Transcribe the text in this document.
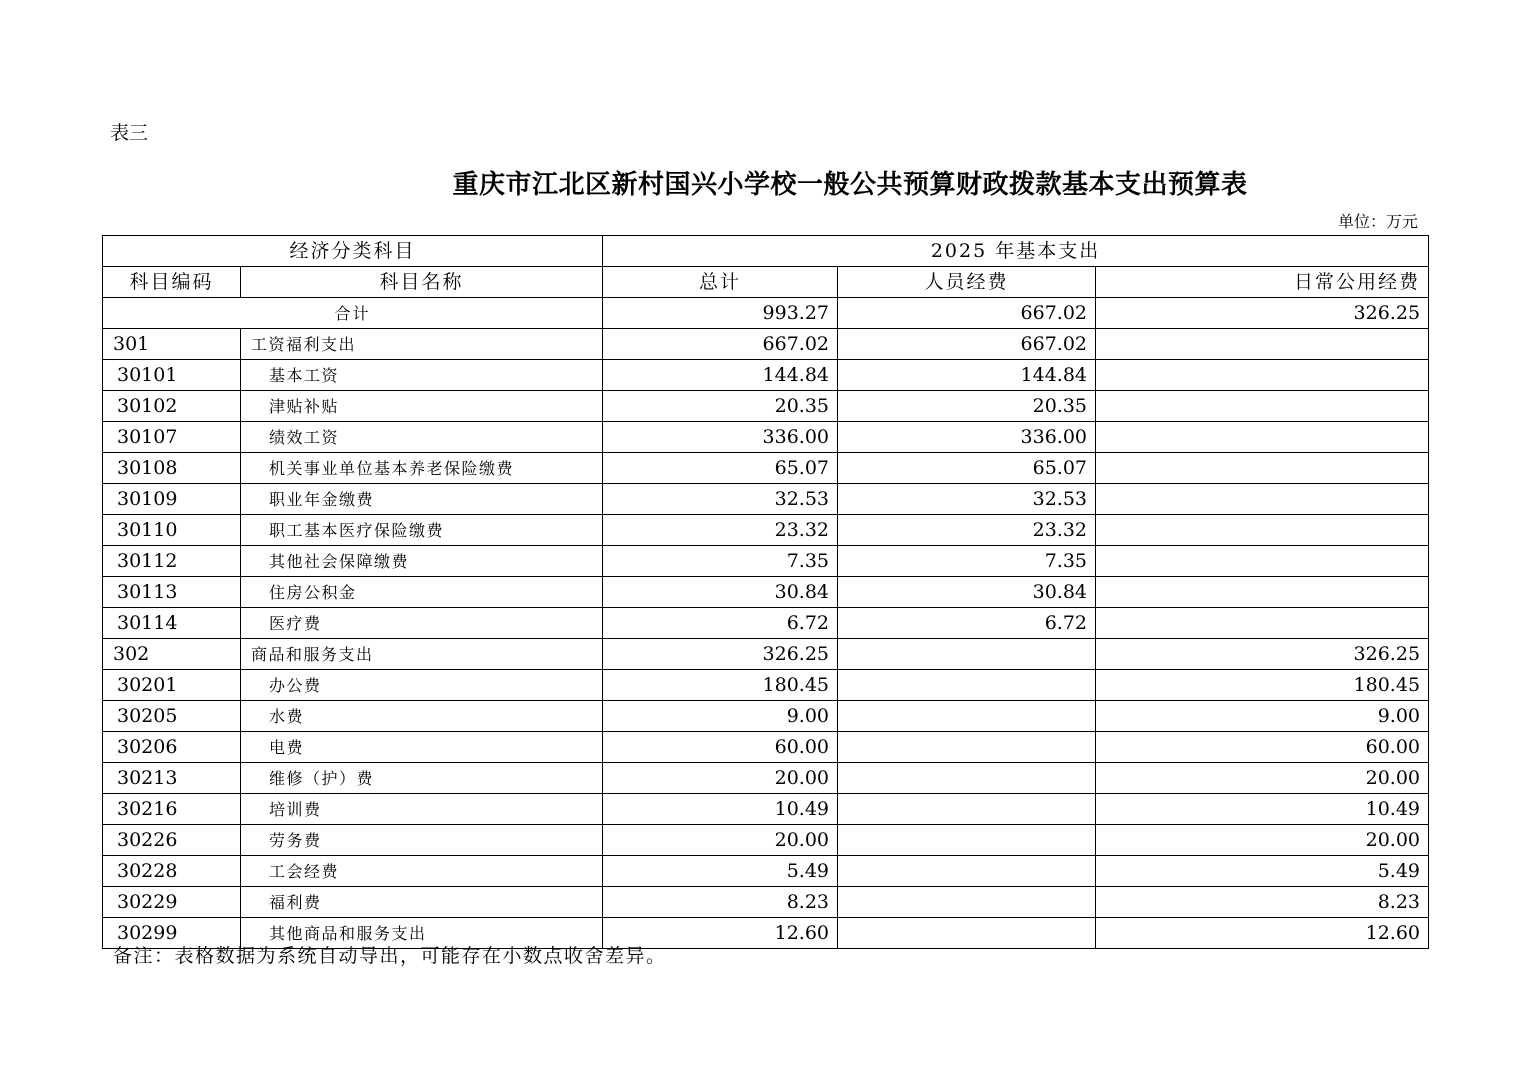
表三
重庆市江北区新村国兴小学校一般公共预算财政拨款基本支出预算表
单位：万元
经济分类科目		2025 年基本支出		
科目编码	科目名称	总计	人员经费	日常公用经费
合计		993.27	667.02	326.25
301	工资福利支出	667.02	667.02	
30101	基本工资	144.84	144.84	
30102	津贴补贴	20.35	20.35	
30107	绩效工资	336.00	336.00	
30108	机关事业单位基本养老保险缴费	65.07	65.07	
30109	职业年金缴费	32.53	32.53	
30110	职工基本医疗保险缴费	23.32	23.32	
30112	其他社会保障缴费	7.35	7.35	
30113	住房公积金	30.84	30.84	
30114	医疗费	6.72	6.72	
302	商品和服务支出	326.25		326.25
30201	办公费	180.45		180.45
30205	水费	9.00		9.00
30206	电费	60.00		60.00
30213	维修（护）费	20.00		20.00
30216	培训费	10.49		10.49
30226	劳务费	20.00		20.00
30228	工会经费	5.49		5.49
30229	福利费	8.23		8.23
30299	其他商品和服务支出	12.60		12.60
备注：表格数据为系统自动导出，可能存在小数点收舍差异。
